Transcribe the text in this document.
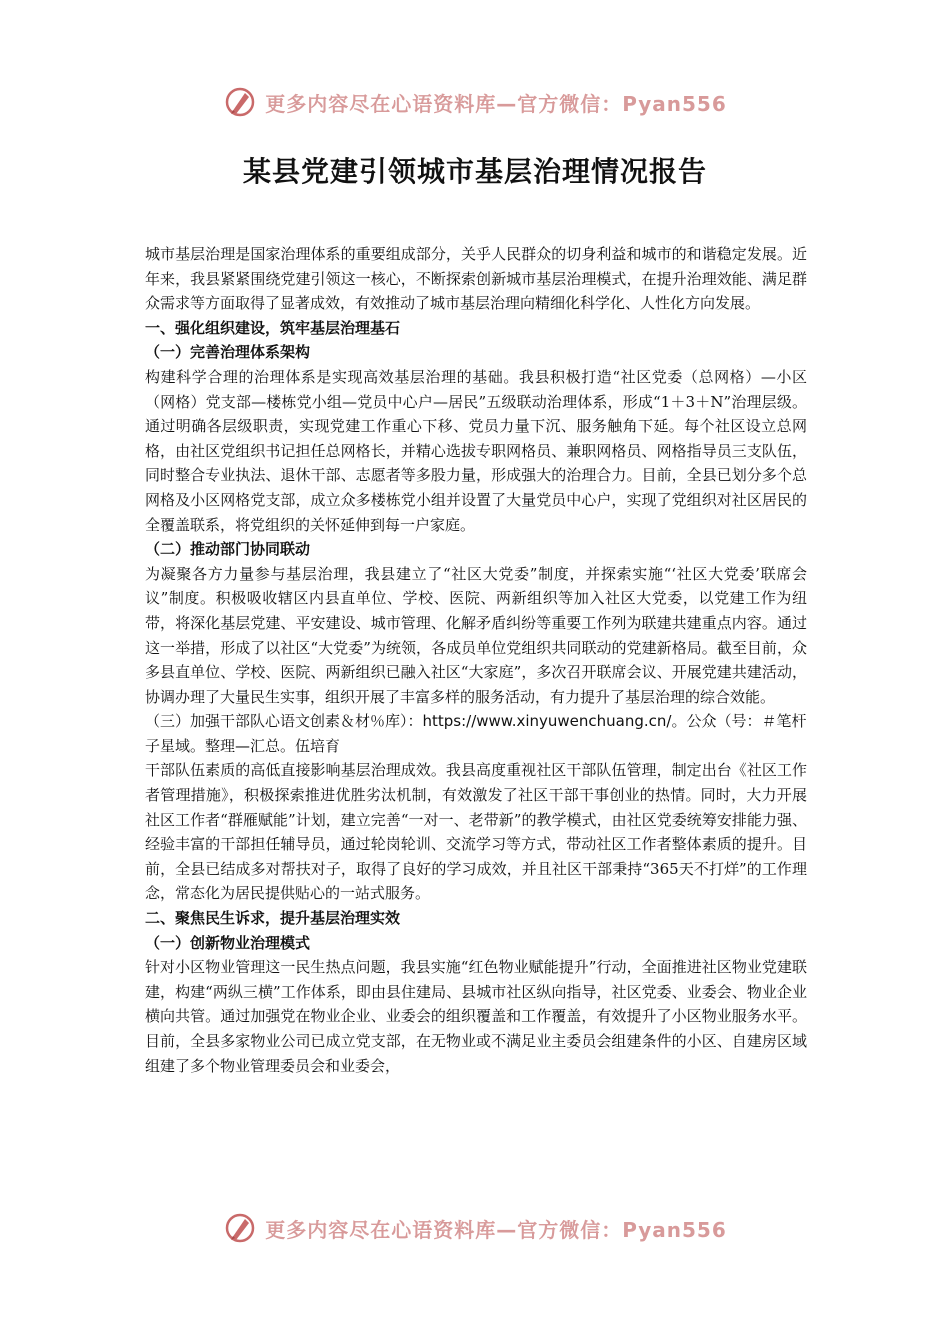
更多内容尽在心语资料库—官方微信：Pyan556
某县党建引领城市基层治理情况报告

城市基层治理是国家治理体系的重要组成部分，关乎人民群众的切身利益和城市的和谐稳定发展。近年来，我县紧紧围绕党建引领这一核心，不断探索创新城市基层治理模式，在提升治理效能、满足群众需求等方面取得了显著成效，有效推动了城市基层治理向精细化科学化、人性化方向发展。

一、强化组织建设，筑牢基层治理基石

（一）完善治理体系架构

构建科学合理的治理体系是实现高效基层治理的基础。我县积极打造“社区党委（总网格）—小区（网格）党支部—楼栋党小组—党员中心户—居民”五级联动治理体系，形成“1＋3＋N”治理层级。通过明确各层级职责，实现党建工作重心下移、党员力量下沉、服务触角下延。每个社区设立总网格，由社区党组织书记担任总网格长，并精心选拔专职网格员、兼职网格员、网格指导员三支队伍，同时整合专业执法、退休干部、志愿者等多股力量，形成强大的治理合力。目前，全县已划分多个总网格及小区网格党支部，成立众多楼栋党小组并设置了大量党员中心户，实现了党组织对社区居民的全覆盖联系，将党组织的关怀延伸到每一户家庭。

（二）推动部门协同联动

为凝聚各方力量参与基层治理，我县建立了“社区大党委”制度，并探索实施“‘社区大党委’联席会议”制度。积极吸收辖区内县直单位、学校、医院、两新组织等加入社区大党委，以党建工作为纽带，将深化基层党建、平安建设、城市管理、化解矛盾纠纷等重要工作列为联建共建重点内容。通过这一举措，形成了以社区“大党委”为统领，各成员单位党组织共同联动的党建新格局。截至目前，众多县直单位、学校、医院、两新组织已融入社区“大家庭”，多次召开联席会议、开展党建共建活动，协调办理了大量民生实事，组织开展了丰富多样的服务活动，有力提升了基层治理的综合效能。

（三）加强干部队心语文创素＆材％库）：https://www.xinyuwenchuang.cn/。公众（号：＃笔杆子星域。整理—汇总。伍培育

干部队伍素质的高低直接影响基层治理成效。我县高度重视社区干部队伍管理，制定出台《社区工作者管理措施》，积极探索推进优胜劣汰机制，有效激发了社区干部干事创业的热情。同时，大力开展社区工作者“群雁赋能”计划，建立完善“一对一、老带新”的教学模式，由社区党委统筹安排能力强、经验丰富的干部担任辅导员，通过轮岗轮训、交流学习等方式，带动社区工作者整体素质的提升。目前，全县已结成多对帮扶对子，取得了良好的学习成效，并且社区干部秉持“365天不打烊”的工作理念，常态化为居民提供贴心的一站式服务。

二、聚焦民生诉求，提升基层治理实效

（一）创新物业治理模式

针对小区物业管理这一民生热点问题，我县实施“红色物业赋能提升”行动，全面推进社区物业党建联建，构建“两纵三横”工作体系，即由县住建局、县城市社区纵向指导，社区党委、业委会、物业企业横向共管。通过加强党在物业企业、业委会的组织覆盖和工作覆盖，有效提升了小区物业服务水平。目前，全县多家物业公司已成立党支部，在无物业或不满足业主委员会组建条件的小区、自建房区域组建了多个物业管理委员会和业委会，

更多内容尽在心语资料库—官方微信：Pyan556
